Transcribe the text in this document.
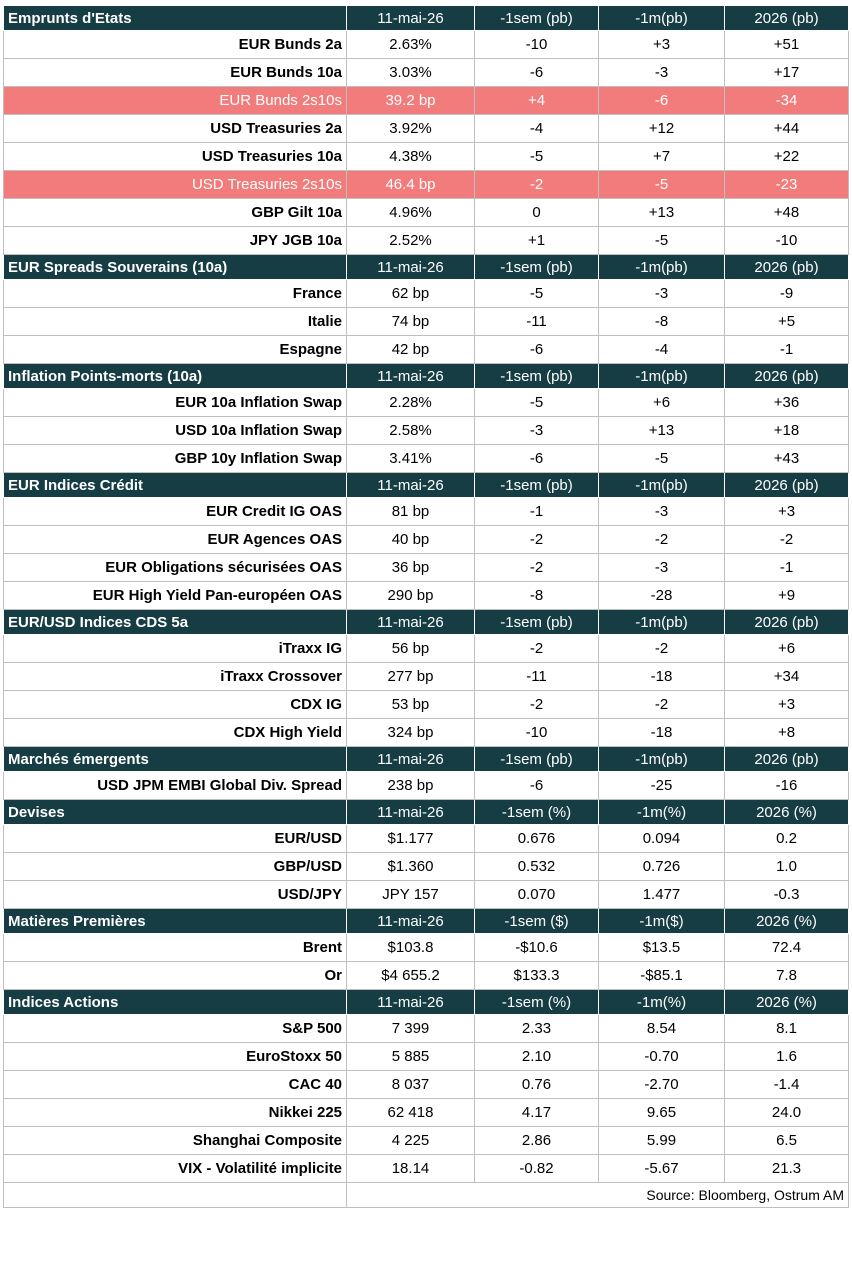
Emprunts d'Etats	11-mai-26	-1sem (pb)	-1m(pb)	2026 (pb)
EUR Bunds 2a	2.63%	-10	+3	+51
EUR Bunds 10a	3.03%	-6	-3	+17
EUR Bunds 2s10s	39.2 bp	+4	-6	-34
USD Treasuries 2a	3.92%	-4	+12	+44
USD Treasuries 10a	4.38%	-5	+7	+22
USD Treasuries 2s10s	46.4 bp	-2	-5	-23
GBP Gilt 10a	4.96%	0	+13	+48
JPY JGB 10a	2.52%	+1	-5	-10
EUR Spreads Souverains (10a)	11-mai-26	-1sem (pb)	-1m(pb)	2026 (pb)
France	62 bp	-5	-3	-9
Italie	74 bp	-11	-8	+5
Espagne	42 bp	-6	-4	-1
Inflation Points-morts (10a)	11-mai-26	-1sem (pb)	-1m(pb)	2026 (pb)
EUR 10a Inflation Swap	2.28%	-5	+6	+36
USD 10a Inflation Swap	2.58%	-3	+13	+18
GBP 10y Inflation Swap	3.41%	-6	-5	+43
EUR Indices Crédit	11-mai-26	-1sem (pb)	-1m(pb)	2026 (pb)
EUR Credit IG OAS	81 bp	-1	-3	+3
EUR Agences OAS	40 bp	-2	-2	-2
EUR Obligations sécurisées OAS	36 bp	-2	-3	-1
EUR High Yield Pan-européen OAS	290 bp	-8	-28	+9
EUR/USD Indices CDS 5a	11-mai-26	-1sem (pb)	-1m(pb)	2026 (pb)
iTraxx IG	56 bp	-2	-2	+6
iTraxx Crossover	277 bp	-11	-18	+34
CDX IG	53 bp	-2	-2	+3
CDX High Yield	324 bp	-10	-18	+8
Marchés émergents	11-mai-26	-1sem (pb)	-1m(pb)	2026 (pb)
USD JPM EMBI Global Div. Spread	238 bp	-6	-25	-16
Devises	11-mai-26	-1sem (%)	-1m(%)	2026 (%)
EUR/USD	$1.177	0.676	0.094	0.2
GBP/USD	$1.360	0.532	0.726	1.0
USD/JPY	JPY 157	0.070	1.477	-0.3
Matières Premières	11-mai-26	-1sem ($)	-1m($)	2026 (%)
Brent	$103.8	-$10.6	$13.5	72.4
Or	$4 655.2	$133.3	-$85.1	7.8
Indices Actions	11-mai-26	-1sem (%)	-1m(%)	2026 (%)
S&P 500	7 399	2.33	8.54	8.1
EuroStoxx 50	5 885	2.10	-0.70	1.6
CAC 40	8 037	0.76	-2.70	-1.4
Nikkei 225	62 418	4.17	9.65	24.0
Shanghai Composite	4 225	2.86	5.99	6.5
VIX - Volatilité implicite	18.14	-0.82	-5.67	21.3
	Source: Bloomberg, Ostrum AM			
